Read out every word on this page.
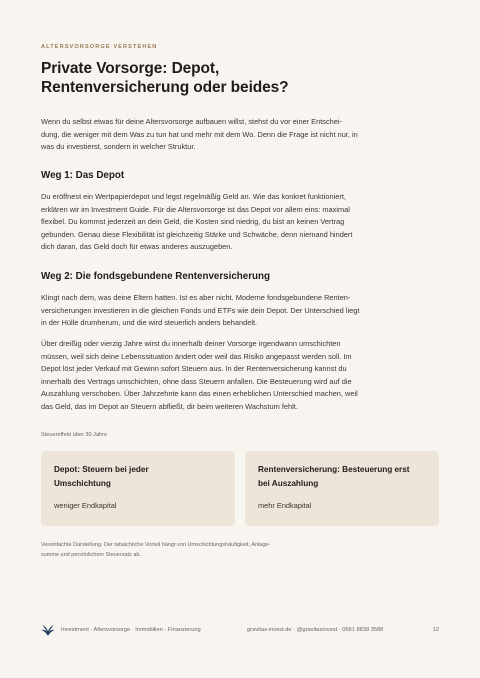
ALTERSVORSORGE VERSTEHEN
Private Vorsorge: Depot,
Rentenversicherung oder beides?

Wenn du selbst etwas für deine Altersvorsorge aufbauen willst, stehst du vor einer Entschei-
dung, die weniger mit dem Was zu tun hat und mehr mit dem Wo. Denn die Frage ist nicht nur, in
was du investierst, sondern in welcher Struktur.

Weg 1: Das Depot

Du eröffnest ein Wertpapierdepot und legst regelmäßig Geld an. Wie das konkret funktioniert,
erklären wir im Investment Guide. Für die Altersvorsorge ist das Depot vor allem eins: maximal
flexibel. Du kommst jederzeit an dein Geld, die Kosten sind niedrig, du bist an keinen Vertrag
gebunden. Genau diese Flexibilität ist gleichzeitig Stärke und Schwäche, denn niemand hindert
dich daran, das Geld doch für etwas anderes auszugeben.

Weg 2: Die fondsgebundene Rentenversicherung

Klingt nach dem, was deine Eltern hatten. Ist es aber nicht. Moderne fondsgebundene Renten-
versicherungen investieren in die gleichen Fonds und ETFs wie dein Depot. Der Unterschied liegt
in der Hülle drumherum, und die wird steuerlich anders behandelt.

Über dreißig oder vierzig Jahre wirst du innerhalb deiner Vorsorge irgendwann umschichten
müssen, weil sich deine Lebenssituation ändert oder weil das Risiko angepasst werden soll. Im
Depot löst jeder Verkauf mit Gewinn sofort Steuern aus. In der Rentenversicherung kannst du
innerhalb des Vertrags umschichten, ohne dass Steuern anfallen. Die Besteuerung wird auf die
Auszahlung verschoben. Über Jahrzehnte kann das einen erheblichen Unterschied machen, weil
das Geld, das im Depot an Steuern abfließt, dir beim weiteren Wachstum fehlt.

Steuereffekt über 30 Jahre
Depot: Steuern bei jeder
Umschichtung
weniger Endkapital
Rentenversicherung: Besteuerung erst
bei Auszahlung
mehr Endkapital
Vereinfachte Darstellung. Der tatsächliche Vorteil hängt von Umschichtungshäufigkeit, Anlage-
summe und persönlichem Steuersatz ab.
Investment · Altersvorsorge · Immobilien · Finanzierung	gravitas-invest.de · @gravitasinvest · 0681 8838 3588	12
